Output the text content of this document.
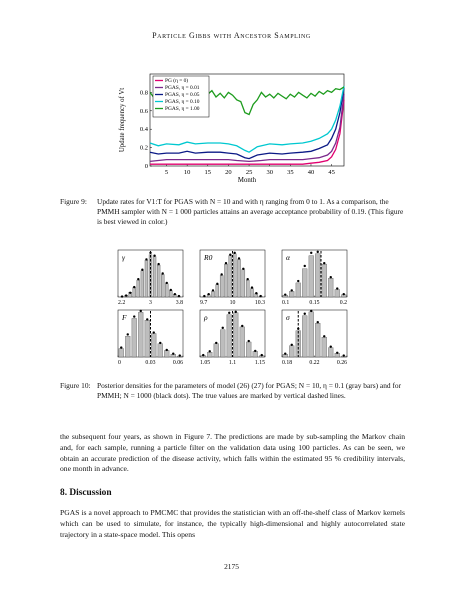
Particle Gibbs with Ancestor Sampling
5 10 15 20 25 30 35 40 45
0
0.2
0.4
0.6
0.8
Month
Update frequency of Vt
PG (η = 0)
PGAS, η = 0.01
PGAS, η = 0.05
PGAS, η = 0.10
PGAS, η = 1.00
Figure 9:	Update rates for V1:T for PGAS with N = 10 and with η ranging from 0 to 1. As a comparison, the PMMH sampler with N = 1 000 particles attains an average acceptance probability of 0.19. (This figure is best viewed in color.)
γ
2.2	3	3.8
R0
9.7	10	10.3
α
0.1	0.15	0.2
F
0	0.03	0.06
ρ
1.05	1.1	1.15
σ
0.18	0.22	0.26
Figure 10: Posterior densities for the parameters of model (26) (27) for PGAS; N = 10, η = 0.1 (gray bars) and for PMMH; N = 1000 (black dots). The true values are marked by vertical dashed lines.
the subsequent four years, as shown in Figure 7. The predictions are made by sub-sampling the Markov chain and, for each sample, running a particle filter on the validation data using 100 particles. As can be seen, we obtain an accurate prediction of the disease activity, which falls within the estimated 95 % credibility intervals, one month in advance.
8. Discussion
PGAS is a novel approach to PMCMC that provides the statistician with an off-the-shelf class of Markov kernels which can be used to simulate, for instance, the typically high-dimensional and highly autocorrelated state trajectory in a state-space model. This opens
2175
